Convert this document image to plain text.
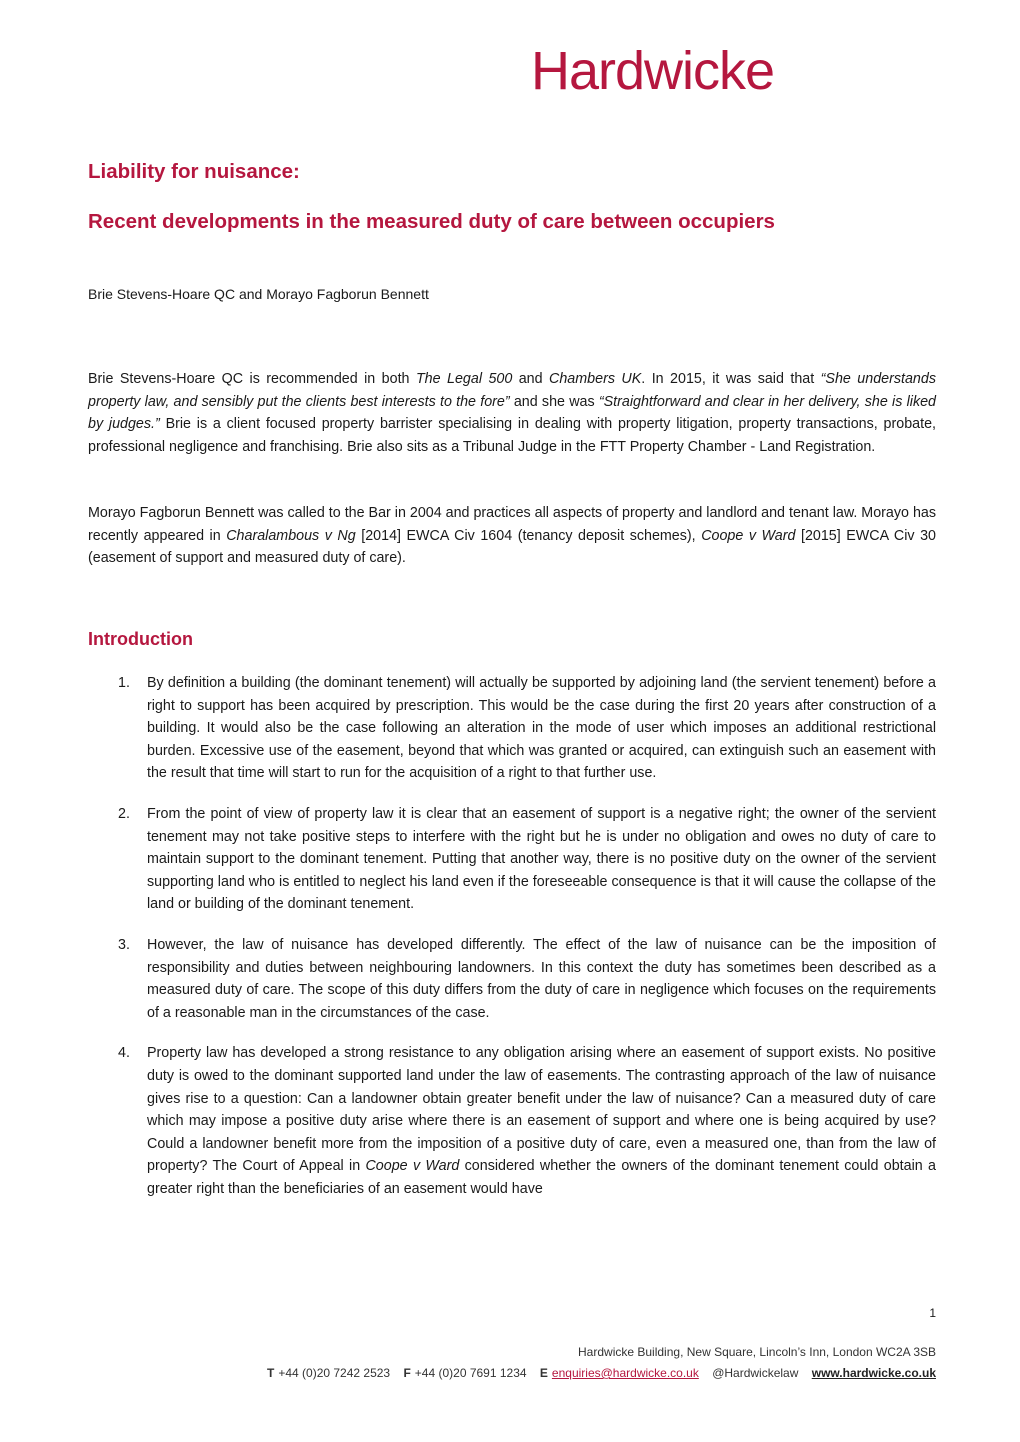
Hardwicke
Liability for nuisance:
Recent developments in the measured duty of care between occupiers
Brie Stevens-Hoare QC and Morayo Fagborun Bennett

Brie Stevens-Hoare QC is recommended in both The Legal 500 and Chambers UK. In 2015, it was said that “She understands property law, and sensibly put the clients best interests to the fore” and she was “Straightforward and clear in her delivery, she is liked by judges.” Brie is a client focused property barrister specialising in dealing with property litigation, property transactions, probate, professional negligence and franchising. Brie also sits as a Tribunal Judge in the FTT Property Chamber - Land Registration.

Morayo Fagborun Bennett was called to the Bar in 2004 and practices all aspects of property and landlord and tenant law. Morayo has recently appeared in Charalambous v Ng [2014] EWCA Civ 1604 (tenancy deposit schemes), Coope v Ward [2015] EWCA Civ 30 (easement of support and measured duty of care).

Introduction
1. By definition a building (the dominant tenement) will actually be supported by adjoining land (the servient tenement) before a right to support has been acquired by prescription. This would be the case during the first 20 years after construction of a building. It would also be the case following an alteration in the mode of user which imposes an additional restrictional burden. Excessive use of the easement, beyond that which was granted or acquired, can extinguish such an easement with the result that time will start to run for the acquisition of a right to that further use.
2. From the point of view of property law it is clear that an easement of support is a negative right; the owner of the servient tenement may not take positive steps to interfere with the right but he is under no obligation and owes no duty of care to maintain support to the dominant tenement. Putting that another way, there is no positive duty on the owner of the servient supporting land who is entitled to neglect his land even if the foreseeable consequence is that it will cause the collapse of the land or building of the dominant tenement.
3. However, the law of nuisance has developed differently. The effect of the law of nuisance can be the imposition of responsibility and duties between neighbouring landowners. In this context the duty has sometimes been described as a measured duty of care. The scope of this duty differs from the duty of care in negligence which focuses on the requirements of a reasonable man in the circumstances of the case.
4. Property law has developed a strong resistance to any obligation arising where an easement of support exists. No positive duty is owed to the dominant supported land under the law of easements. The contrasting approach of the law of nuisance gives rise to a question: Can a landowner obtain greater benefit under the law of nuisance? Can a measured duty of care which may impose a positive duty arise where there is an easement of support and where one is being acquired by use? Could a landowner benefit more from the imposition of a positive duty of care, even a measured one, than from the law of property? The Court of Appeal in Coope v Ward considered whether the owners of the dominant tenement could obtain a greater right than the beneficiaries of an easement would have
1
Hardwicke Building, New Square, Lincoln’s Inn, London WC2A 3SB
T +44 (0)20 7242 2523 F +44 (0)20 7691 1234 E enquiries@hardwicke.co.uk @Hardwickelaw www.hardwicke.co.uk
